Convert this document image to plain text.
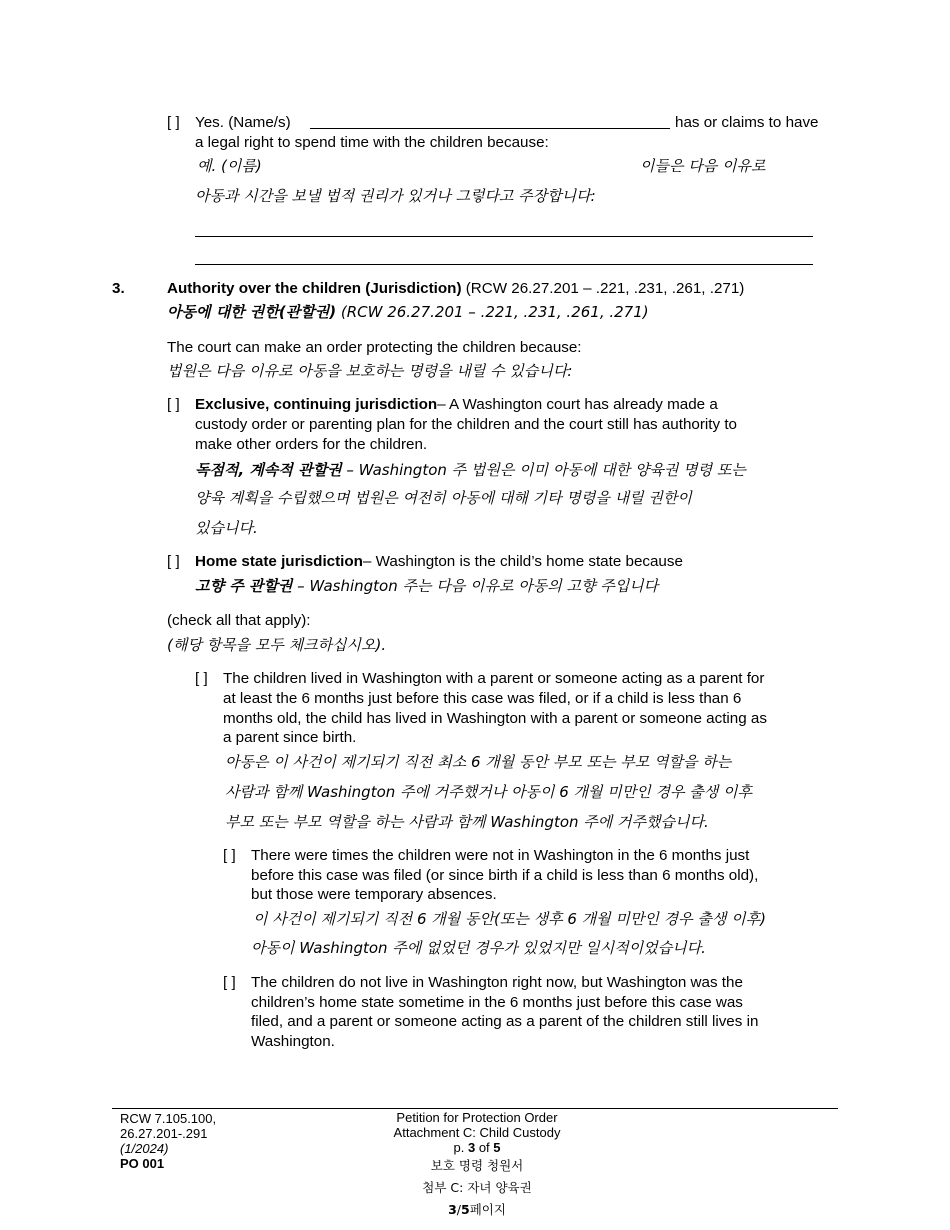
[ ] Yes. (Name/s)	has or claims to have
a legal right to spend time with the children because:
예. (이름)	이들은 다음 이유로
아동과 시간을 보낼 법적 권리가 있거나 그렇다고 주장합니다:
3.	Authority over the children (Jurisdiction) (RCW 26.27.201 – .221, .231, .261, .271)
아동에 대한 권한(관할권) (RCW 26.27.201 – .221, .231, .261, .271)
The court can make an order protecting the children because:
법원은 다음 이유로 아동을 보호하는 명령을 내릴 수 있습니다:
[ ] Exclusive, continuing jurisdiction– A Washington court has already made a
custody order or parenting plan for the children and the court still has authority to
make other orders for the children.
독점적, 계속적 관할권 – Washington 주 법원은 이미 아동에 대한 양육권 명령 또는
양육 계획을 수립했으며 법원은 여전히 아동에 대해 기타 명령을 내릴 권한이
있습니다.
[ ] Home state jurisdiction– Washington is the child’s home state because
고향 주 관할권 – Washington 주는 다음 이유로 아동의 고향 주입니다
(check all that apply):
(해당 항목을 모두 체크하십시오).
[ ] The children lived in Washington with a parent or someone acting as a parent for
at least the 6 months just before this case was filed, or if a child is less than 6
months old, the child has lived in Washington with a parent or someone acting as
a parent since birth.
아동은 이 사건이 제기되기 직전 최소 6 개월 동안 부모 또는 부모 역할을 하는
사람과 함께 Washington 주에 거주했거나 아동이 6 개월 미만인 경우 출생 이후
부모 또는 부모 역할을 하는 사람과 함께 Washington 주에 거주했습니다.
[ ] There were times the children were not in Washington in the 6 months just
before this case was filed (or since birth if a child is less than 6 months old),
but those were temporary absences.
이 사건이 제기되기 직전 6 개월 동안(또는 생후 6 개월 미만인 경우 출생 이후)
아동이 Washington 주에 없었던 경우가 있었지만 일시적이었습니다.
[ ] The children do not live in Washington right now, but Washington was the
children’s home state sometime in the 6 months just before this case was
filed, and a parent or someone acting as a parent of the children still lives in
Washington.
RCW 7.105.100,
26.27.201-.291
(1/2024)
PO 001
Petition for Protection Order
Attachment C: Child Custody
p. 3 of 5
보호 명령 청원서
첨부 C: 자녀 양육권
3/5페이지
